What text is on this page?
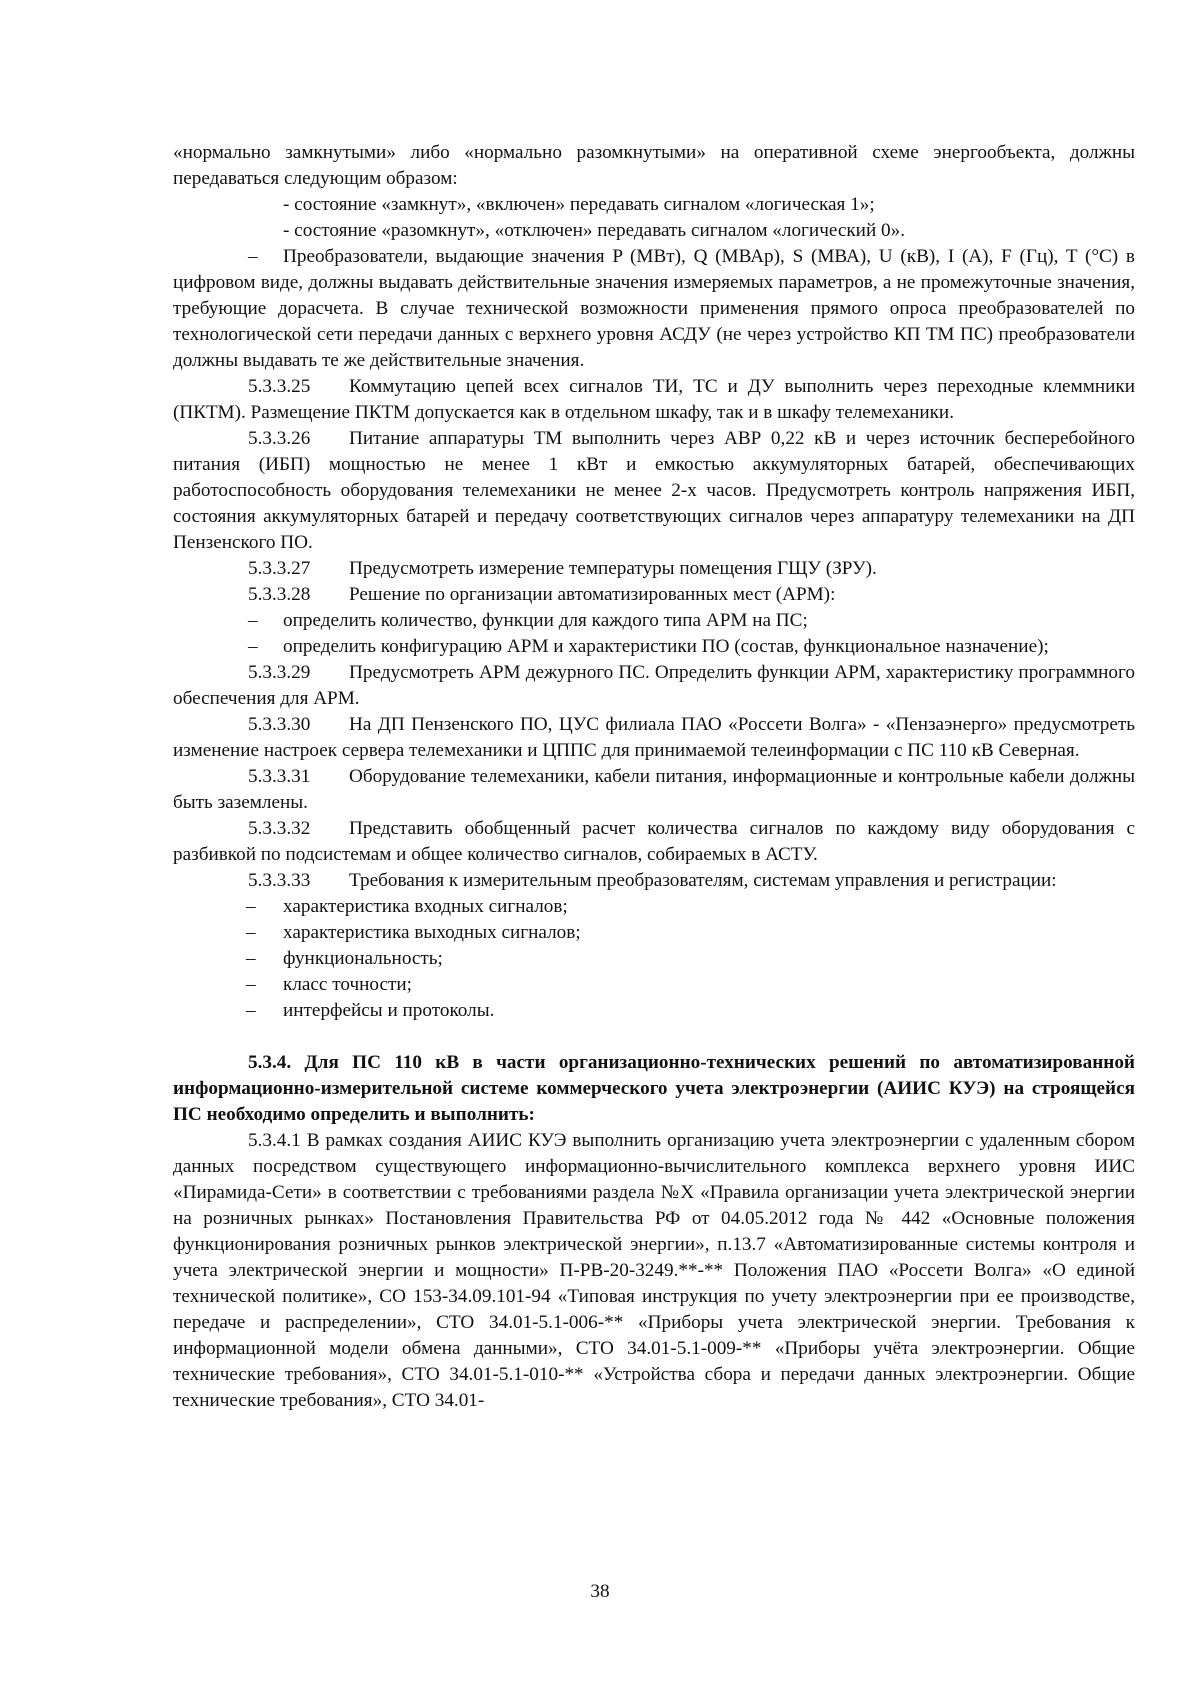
«нормально замкнутыми» либо «нормально разомкнутыми» на оперативной схеме энергообъекта, должны передаваться следующим образом:

- состояние «замкнут», «включен» передавать сигналом «логическая 1»;

- состояние «разомкнут», «отключен» передавать сигналом «логический 0».

– Преобразователи, выдающие значения P (МВт), Q (МВАр), S (МВА), U (кВ), I (A), F (Гц), T (°C) в цифровом виде, должны выдавать действительные значения измеряемых параметров, а не промежуточные значения, требующие дорасчета. В случае технической возможности применения прямого опроса преобразователей по технологической сети передачи данных с верхнего уровня АСДУ (не через устройство КП ТМ ПС) преобразователи должны выдавать те же действительные значения.

5.3.3.25 Коммутацию цепей всех сигналов ТИ, ТС и ДУ выполнить через переходные клеммники (ПКТМ). Размещение ПКТМ допускается как в отдельном шкафу, так и в шкафу телемеханики.

5.3.3.26 Питание аппаратуры ТМ выполнить через АВР 0,22 кВ и через источник бесперебойного питания (ИБП) мощностью не менее 1 кВт и емкостью аккумуляторных батарей, обеспечивающих работоспособность оборудования телемеханики не менее 2-х часов. Предусмотреть контроль напряжения ИБП, состояния аккумуляторных батарей и передачу соответствующих сигналов через аппаратуру телемеханики на ДП Пензенского ПО.

5.3.3.27 Предусмотреть измерение температуры помещения ГЩУ (ЗРУ).

5.3.3.28 Решение по организации автоматизированных мест (АРМ):

– определить количество, функции для каждого типа АРМ на ПС;

– определить конфигурацию АРМ и характеристики ПО (состав, функциональное назначение);

5.3.3.29 Предусмотреть АРМ дежурного ПС. Определить функции АРМ, характеристику программного обеспечения для АРМ.

5.3.3.30 На ДП Пензенского ПО, ЦУС филиала ПАО «Россети Волга» - «Пензаэнерго» предусмотреть изменение настроек сервера телемеханики и ЦППС для принимаемой телеинформации с ПС 110 кВ Северная.

5.3.3.31 Оборудование телемеханики, кабели питания, информационные и контрольные кабели должны быть заземлены.

5.3.3.32 Представить обобщенный расчет количества сигналов по каждому виду оборудования с разбивкой по подсистемам и общее количество сигналов, собираемых в АСТУ.

5.3.3.33 Требования к измерительным преобразователям, системам управления и регистрации:

– характеристика входных сигналов;

– характеристика выходных сигналов;

– функциональность;

– класс точности;

– интерфейсы и протоколы.

5.3.4. Для ПС 110 кВ в части организационно-технических решений по автоматизированной информационно-измерительной системе коммерческого учета электроэнергии (АИИС КУЭ) на строящейся ПС необходимо определить и выполнить:

5.3.4.1 В рамках создания АИИС КУЭ выполнить организацию учета электроэнергии с удаленным сбором данных посредством существующего информационно-вычислительного комплекса верхнего уровня ИИС «Пирамида-Сети» в соответствии с требованиями раздела №X «Правила организации учета электрической энергии на розничных рынках» Постановления Правительства РФ от 04.05.2012 года № 442 «Основные положения функционирования розничных рынков электрической энергии», п.13.7 «Автоматизированные системы контроля и учета электрической энергии и мощности» П-РВ-20-3249.**-** Положения ПАО «Россети Волга» «О единой технической политике», СО 153-34.09.101-94 «Типовая инструкция по учету электроэнергии при ее производстве, передаче и распределении», СТО 34.01-5.1-006-** «Приборы учета электрической энергии. Требования к информационной модели обмена данными», СТО 34.01-5.1-009-** «Приборы учёта электроэнергии. Общие технические требования», СТО 34.01-5.1-010-** «Устройства сбора и передачи данных электроэнергии. Общие технические требования», СТО 34.01-

38
